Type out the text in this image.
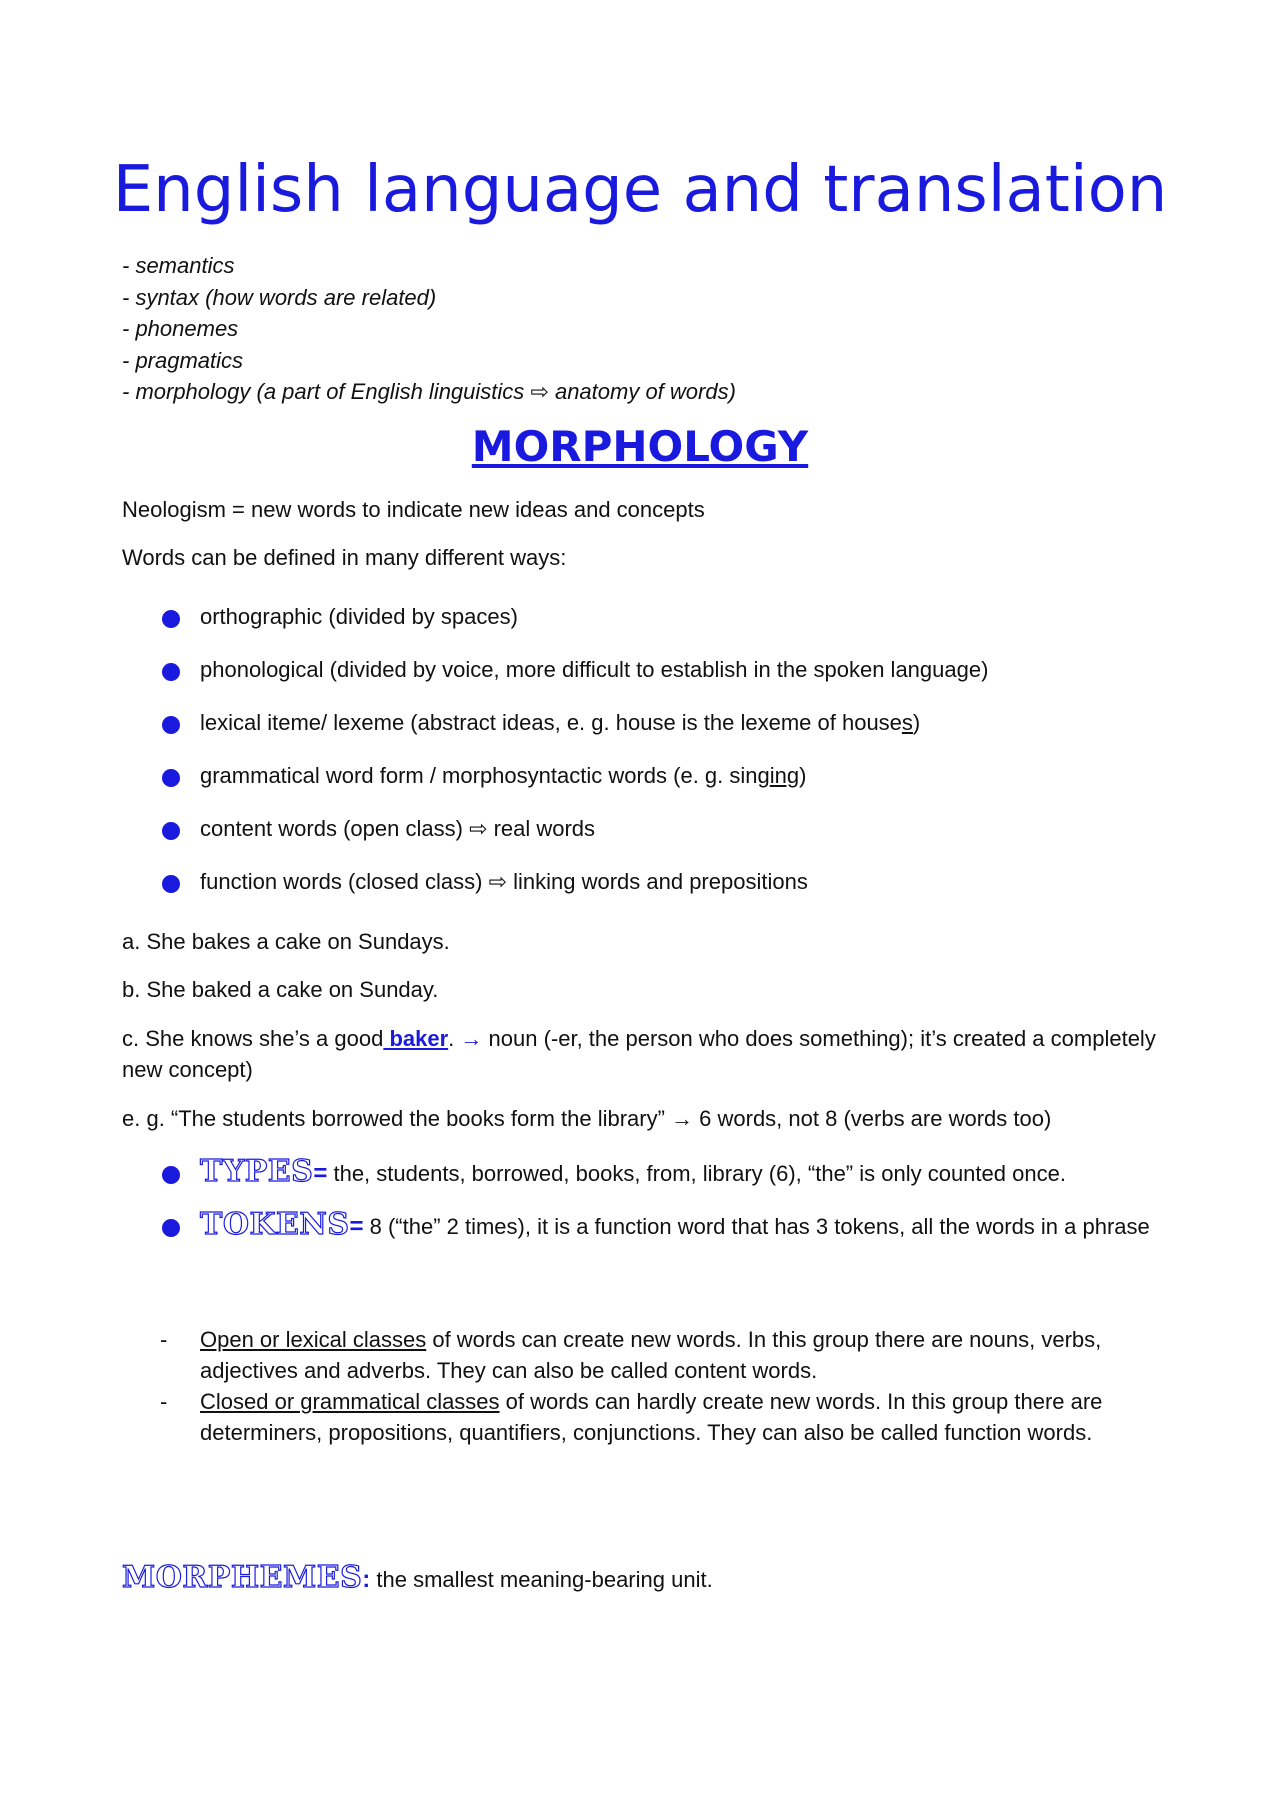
English language and translation
- semantics
- syntax (how words are related)
- phonemes
- pragmatics
- morphology (a part of English linguistics ⇨ anatomy of words)
MORPHOLOGY
Neologism = new words to indicate new ideas and concepts
Words can be defined in many different ways:
orthographic (divided by spaces)
phonological (divided by voice, more difficult to establish in the spoken language)
lexical iteme/ lexeme (abstract ideas, e. g. house is the lexeme of houses)
grammatical word form / morphosyntactic words (e. g. singing)
content words (open class) ⇨ real words
function words (closed class) ⇨ linking words and prepositions
a. She bakes a cake on Sundays.
b. She baked a cake on Sunday.
c. She knows she’s a good baker. → noun (-er, the person who does something); it’s created a completely
new concept)
e. g. “The students borrowed the books form the library” → 6 words, not 8 (verbs are words too)
TYPES= the, students, borrowed, books, from, library (6), “the” is only counted once.
TOKENS= 8 (“the” 2 times), it is a function word that has 3 tokens, all the words in a phrase
- Open or lexical classes of words can create new words. In this group there are nouns, verbs, adjectives and adverbs. They can also be called content words.
- Closed or grammatical classes of words can hardly create new words. In this group there are determiners, propositions, quantifiers, conjunctions. They can also be called function words.
MORPHEMES: the smallest meaning-bearing unit.
